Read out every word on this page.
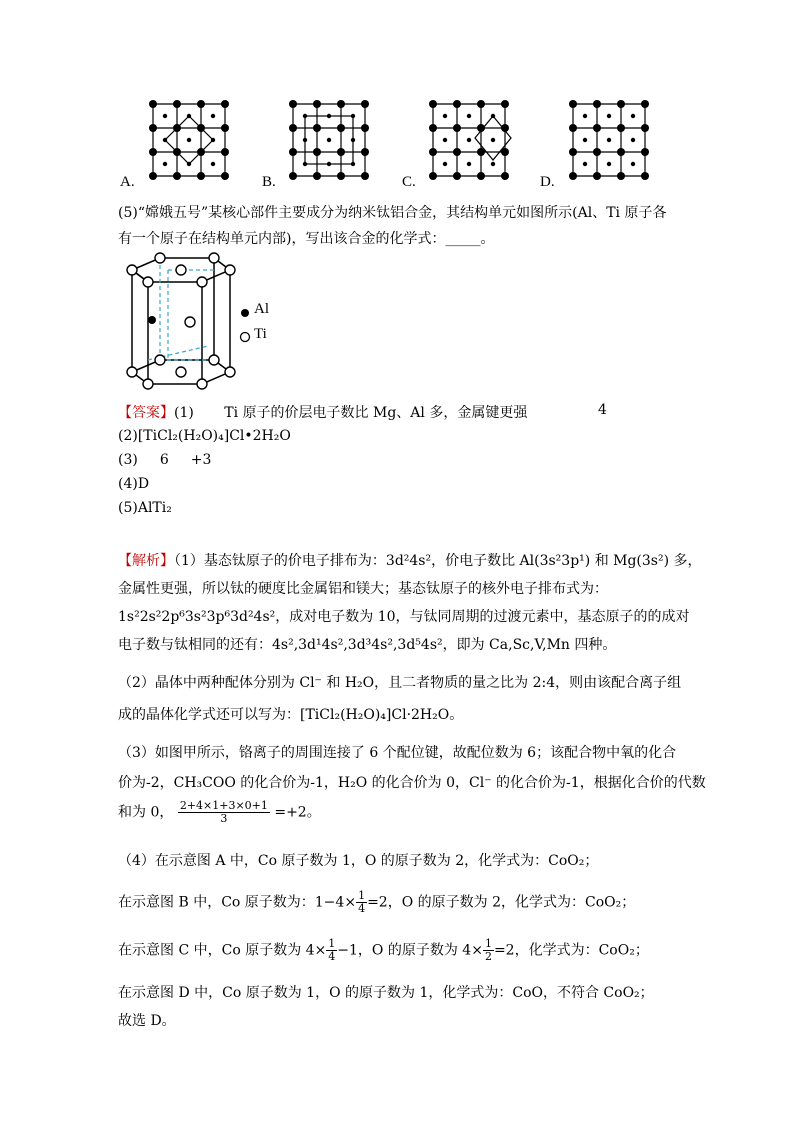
A.	B.	C.	D.
(5)“嫦娥五号”某核心部件主要成分为纳米钛铝合金，其结构单元如图所示(Al、Ti 原子各
有一个原子在结构单元内部)，写出该合金的化学式：_____。
Al
Ti
【答案】(1) Ti 原子的价层电子数比 Mg、Al 多，金属键更强	4
(2)[TiCl₂(H₂O)₄]Cl•2H₂O
(3) 6 +3
(4)D
(5)AlTi₂
【解析】（1）基态钛原子的价电子排布为：3d²4s²，价电子数比 Al(3s²3p¹) 和 Mg(3s²) 多，
金属性更强，所以钛的硬度比金属铝和镁大；基态钛原子的核外电子排布式为：
1s²2s²2p⁶3s²3p⁶3d²4s²，成对电子数为 10，与钛同周期的过渡元素中，基态原子的的成对
电子数与钛相同的还有：4s²,3d¹4s²,3d³4s²,3d⁵4s²，即为 Ca,Sc,V,Mn 四种。
（2）晶体中两种配体分别为 Cl⁻ 和 H₂O，且二者物质的量之比为 2:4，则由该配合离子组
成的晶体化学式还可以写为：[TiCl₂(H₂O)₄]Cl·2H₂O。
（3）如图甲所示，铬离子的周围连接了 6 个配位键，故配位数为 6；该配合物中氧的化合
价为-2，CH₃COO 的化合价为-1，H₂O 的化合价为 0，Cl⁻ 的化合价为-1，根据化合价的代数
和为 0， $\frac{2+4\times 1+3\times 0+1}{3} =+2$。
（4）在示意图 A 中，Co 原子数为 1，O 的原子数为 2，化学式为：CoO₂；
在示意图 B 中，Co 原子数为：$1-4\times \frac{1}{4} =2$，O 的原子数为 2，化学式为：CoO₂；
在示意图 C 中，Co 原子数为 $4\times \frac{1}{4} -1$，O 的原子数为 $4\times \frac{1}{2} =2$，化学式为：CoO₂；
在示意图 D 中，Co 原子数为 1，O 的原子数为 1，化学式为：CoO，不符合 CoO₂；
故选 D。
